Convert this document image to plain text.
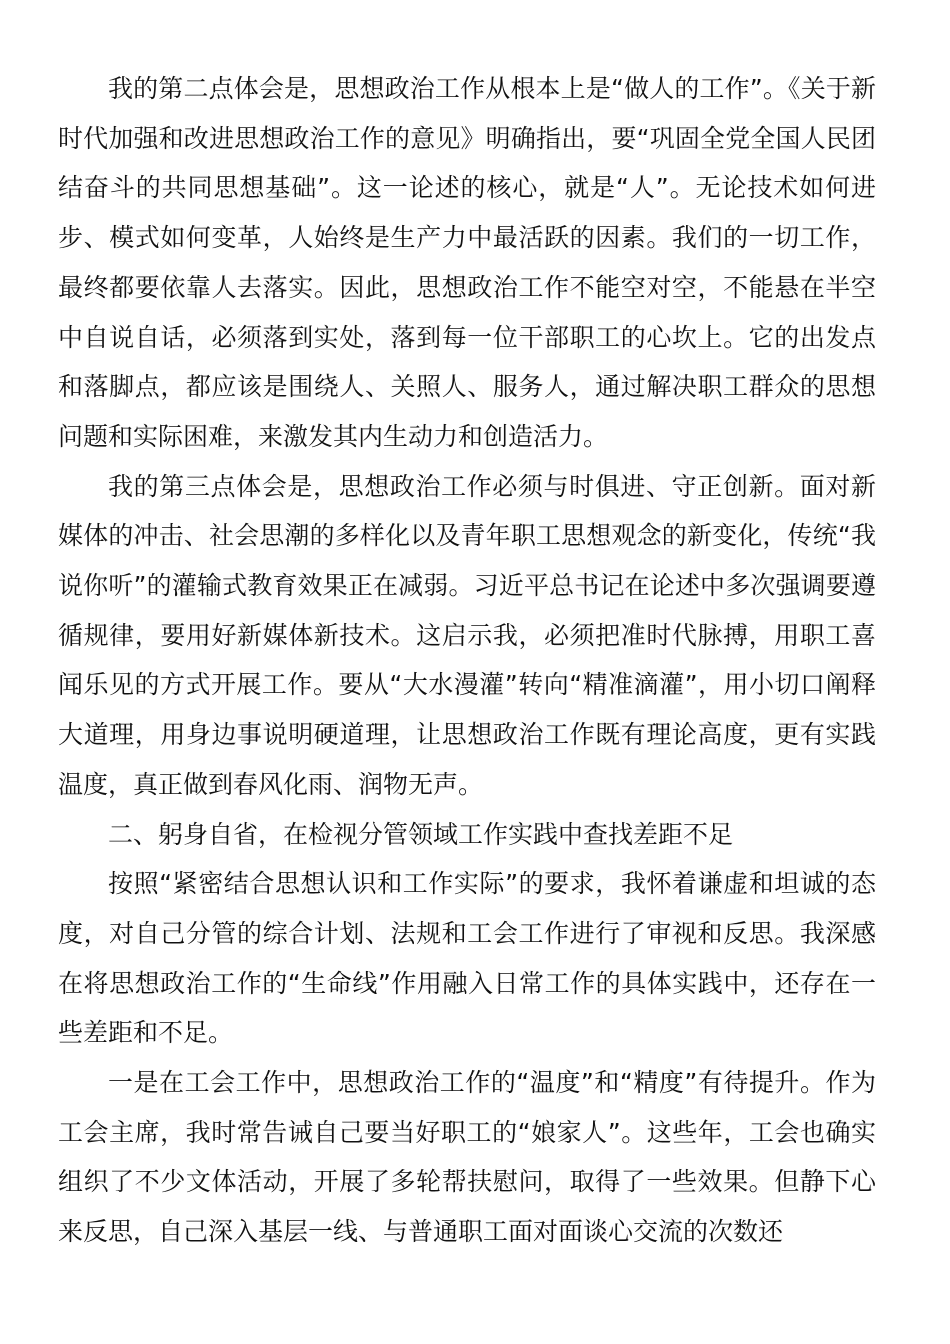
我的第二点体会是，思想政治工作从根本上是“做人的工作”。《关于新时代加强和改进思想政治工作的意见》明确指出，要“巩固全党全国人民团结奋斗的共同思想基础”。这一论述的核心，就是“人”。无论技术如何进步、模式如何变革，人始终是生产力中最活跃的因素。我们的一切工作，最终都要依靠人去落实。因此，思想政治工作不能空对空，不能悬在半空中自说自话，必须落到实处，落到每一位干部职工的心坎上。它的出发点和落脚点，都应该是围绕人、关照人、服务人，通过解决职工群众的思想问题和实际困难，来激发其内生动力和创造活力。

我的第三点体会是，思想政治工作必须与时俱进、守正创新。面对新媒体的冲击、社会思潮的多样化以及青年职工思想观念的新变化，传统“我说你听”的灌输式教育效果正在减弱。习近平总书记在论述中多次强调要遵循规律，要用好新媒体新技术。这启示我，必须把准时代脉搏，用职工喜闻乐见的方式开展工作。要从“大水漫灌”转向“精准滴灌”，用小切口阐释大道理，用身边事说明硬道理，让思想政治工作既有理论高度，更有实践温度，真正做到春风化雨、润物无声。

二、躬身自省，在检视分管领域工作实践中查找差距不足

按照“紧密结合思想认识和工作实际”的要求，我怀着谦虚和坦诚的态度，对自己分管的综合计划、法规和工会工作进行了审视和反思。我深感在将思想政治工作的“生命线”作用融入日常工作的具体实践中，还存在一些差距和不足。

一是在工会工作中，思想政治工作的“温度”和“精度”有待提升。作为工会主席，我时常告诫自己要当好职工的“娘家人”。这些年，工会也确实组织了不少文体活动，开展了多轮帮扶慰问，取得了一些效果。但静下心来反思，自己深入基层一线、与普通职工面对面谈心交流的次数还
